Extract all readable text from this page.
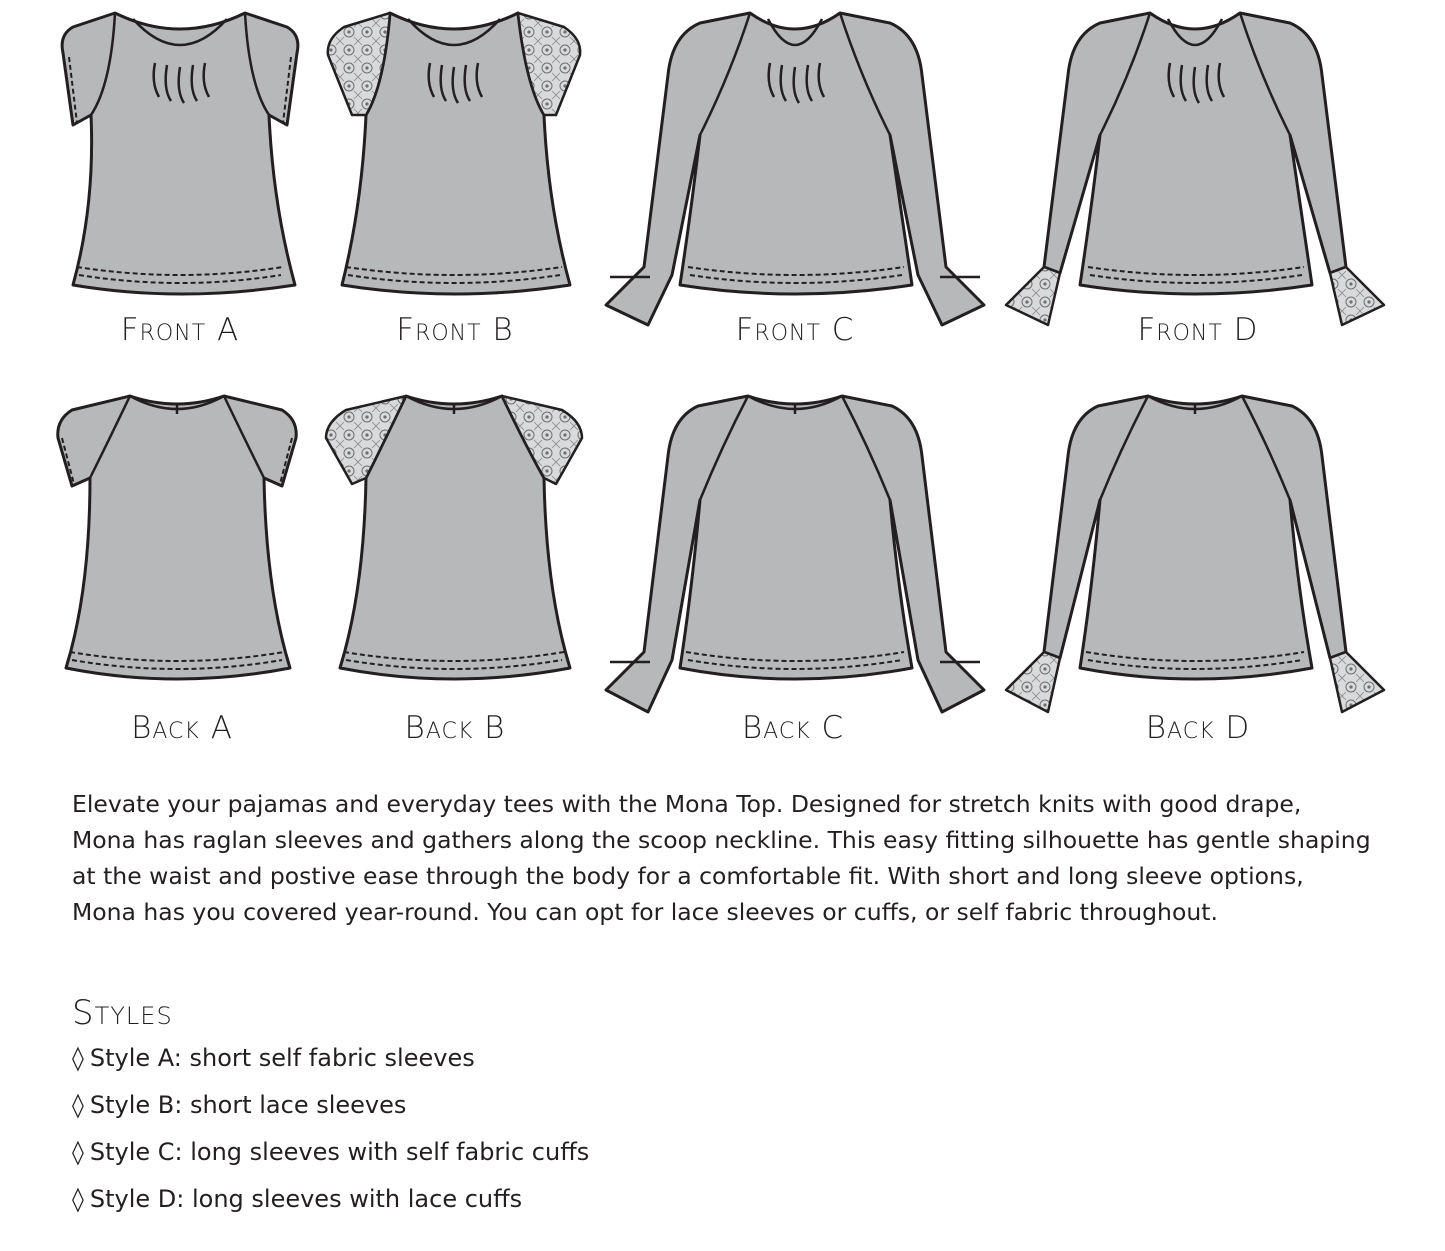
Front A	Front B	Front C	Front D
Back A	Back B	Back C	Back D

Elevate your pajamas and everyday tees with the Mona Top. Designed for stretch knits with good drape,

Mona has raglan sleeves and gathers along the scoop neckline. This easy fitting silhouette has gentle shaping

at the waist and postive ease through the body for a comfortable fit. With short and long sleeve options,

Mona has you covered year-round. You can opt for lace sleeves or cuffs, or self fabric throughout.

Styles
◊ Style A: short self fabric sleeves
◊ Style B: short lace sleeves
◊ Style C: long sleeves with self fabric cuffs
◊ Style D: long sleeves with lace cuffs
